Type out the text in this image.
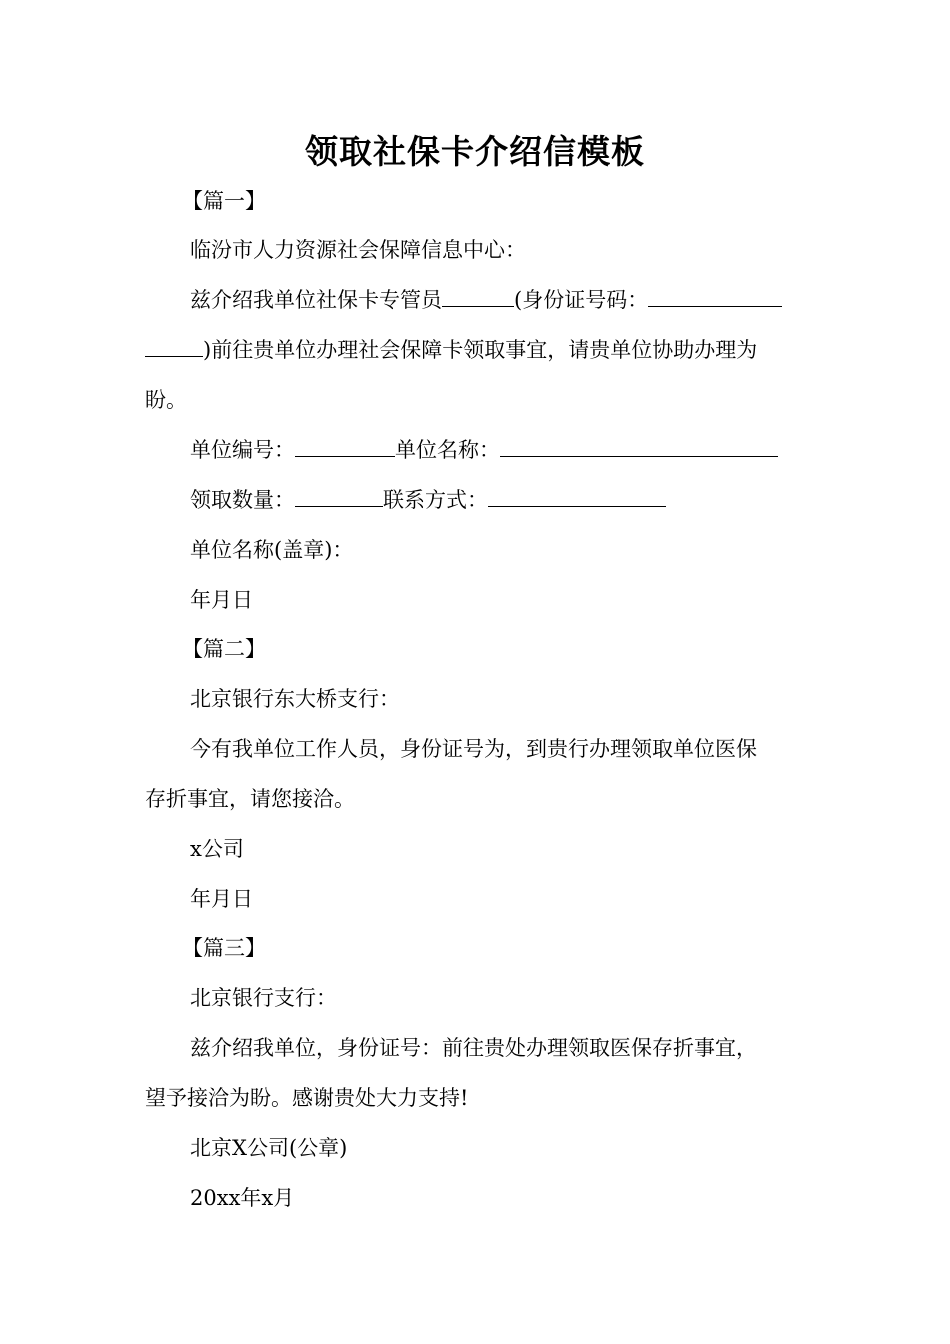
领取社保卡介绍信模板
【篇一】
临汾市人力资源社会保障信息中心：
兹介绍我单位社保卡专管员	(身份证号码：
)前往贵单位办理社会保障卡领取事宜，请贵单位协助办理为
盼。
单位编号：	单位名称：
领取数量：	联系方式：
单位名称(盖章)：
年月日
【篇二】
北京银行东大桥支行：
今有我单位工作人员，身份证号为，到贵行办理领取单位医保
存折事宜，请您接洽。
x公司
年月日
【篇三】
北京银行支行：
兹介绍我单位，身份证号：前往贵处办理领取医保存折事宜，
望予接洽为盼。感谢贵处大力支持!
北京X公司(公章)
20xx年x月
